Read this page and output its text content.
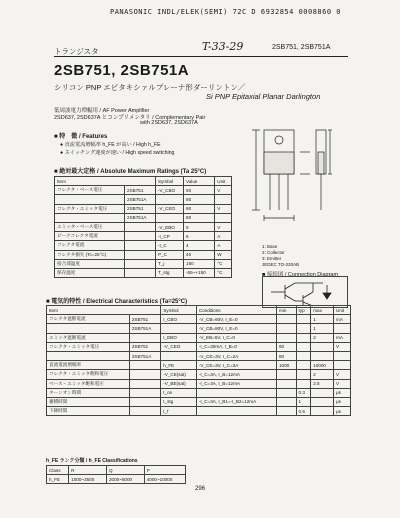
PANASONIC INDL/ELEK(SEMI) 72C D 6932854 0008860 0
トランジスタ	T-33-29	2SB751, 2SB751A
2SB751, 2SB751A
シリコン PNP エピタキシァルプレーナ形ダーリントン／
Si PNP Epitaxial Planar Darlington
低周波電力増幅用 / AF Power Amplifier
2SD637, 2SD637A とコンプリメンタリ / Complementary Pair
with 2SD637, 2SD637A
■ 特　徴 / Features
● 直流電流増幅率 h_FE が高い / High h_FE
● スイッチング速度が速い / High speed switching
■ 絶対最大定格 / Absolute Maximum Ratings (Ta 25°C)
Item		Symbol	Value	Unit
コレクタ・ベース電圧	2SB751	-V_CBO	60	V
	2SB751A		80	
コレクタ・エミッタ電圧	2SB751	-V_CEO	60	V
	2SB751A		80	
エミッタ・ベース電圧		-V_EBO	5	V
ピークコレクタ電流		-I_CP	6	A
コレクタ電流		-I_C	4	A
コレクタ損失 (Tc=25°C)		P_C	40	W
接合部温度		T_j	150	°C
保存温度		T_stg	-55~+150	°C
1: Base
2: Collector
3: Emitter
JEDEC TO-220AB
■ 接続図 / Connection Diagram
■ 電気的特性 / Electrical Characteristics (Ta=25°C)
Item		Symbol	Conditions	min	typ	max	Unit
コレクタ遮断電流	2SB751	I_CBO	-V_CB=60V, I_E=0			1	mA
	2SB751A		-V_CB=80V, I_E=0			1	
エミッタ遮断電流		I_EBO	-V_EB=5V, I_C=0			2	mA
コレクタ・エミッタ電圧	2SB751	-V_CEO	-I_C=30mA, I_B=0	60			V
	2SB751A		-V_CE=3V, I_C=2A	80			
直流電流増幅率		h_FE	-V_CE=3V, I_C=3A	1000		10000	
コレクタ・エミッタ飽和電圧		-V_CE(sat)	-I_C=3A, I_B=12mA			2	V
ベース・エミッタ飽和電圧		-V_BE(sat)	-I_C=3A, I_B=12mA			2.5	V
ターンオン時間		t_on			0.3		μs
蓄積時間		t_stg	-I_C=3A, I_B1=-I_B2=12mA		1		μs
下降時間		t_f			0.5		μs
h_FE ランク分類 / h_FE Classifications
Class	R	Q	P
h_FE	1000~2500	2000~5000	4000~10000
296
